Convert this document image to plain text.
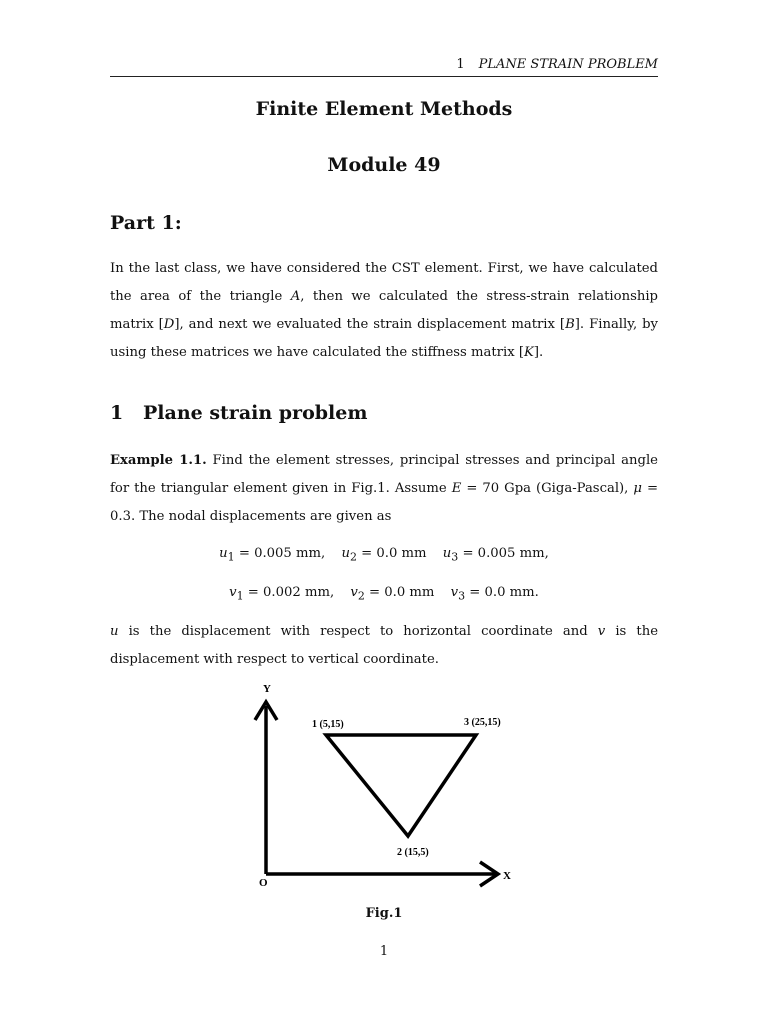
1 PLANE STRAIN PROBLEM
Finite Element Methods
Module 49
Part 1:

In the last class, we have considered the CST element. First, we have calculated the area of the triangle A, then we calculated the stress-strain relationship matrix [D], and next we evaluated the strain displacement matrix [B]. Finally, by using these matrices we have calculated the stiffness matrix [K].

1 Plane strain problem

Example 1.1. Find the element stresses, principal stresses and principal angle for the triangular element given in Fig.1. Assume E = 70 Gpa (Giga-Pascal), μ = 0.3. The nodal displacements are given as

$u_1 = 0.005$ mm, $u_2 = 0.0$ mm $u_3 = 0.005$ mm,
$v_1 = 0.002$ mm, $v_2 = 0.0$ mm $v_3 = 0.0$ mm.

u is the displacement with respect to horizontal coordinate and v is the displacement with respect to vertical coordinate.

Y
X
O
1 (5,15)	3 (25,15)
2 (15,5)
Fig.1
1
